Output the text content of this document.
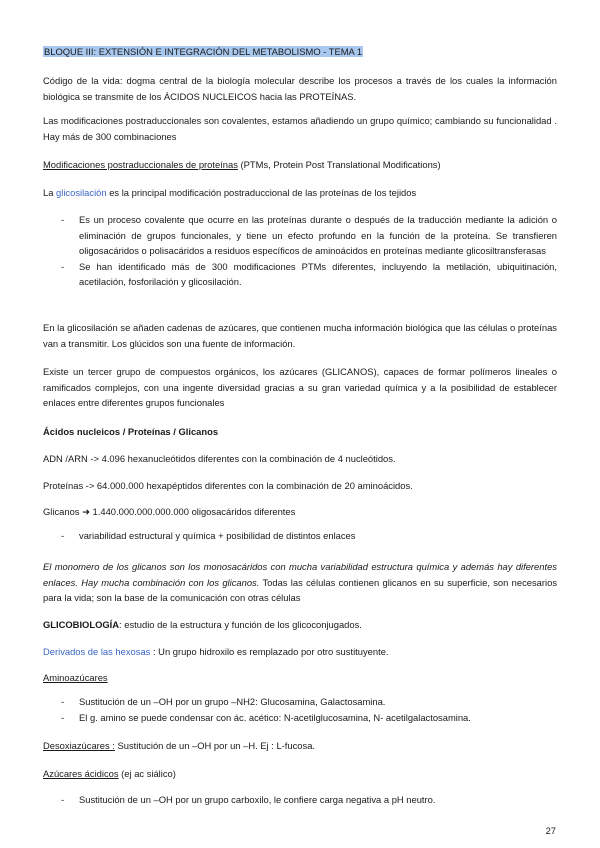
BLOQUE III: EXTENSIÓN E INTEGRACIÓN DEL METABOLISMO - TEMA 1

Código de la vida: dogma central de la biología molecular describe los procesos a través de los cuales la información biológica se transmite de los ÁCIDOS NUCLEICOS hacia las PROTEÍNAS.

Las modificaciones postraduccionales son covalentes, estamos añadiendo un grupo químico; cambiando su funcionalidad . Hay más de 300 combinaciones

Modificaciones postraduccionales de proteínas (PTMs, Protein Post Translational Modifications)

La glicosilación es la principal modificación postraduccional de las proteínas de los tejidos

- Es un proceso covalente que ocurre en las proteínas durante o después de la traducción mediante la adición o eliminación de grupos funcionales, y tiene un efecto profundo en la función de la proteína. Se transfieren oligosacáridos o polisacáridos a residuos específicos de aminoácidos en proteínas mediante glicosiltransferasas
- Se han identificado más de 300 modificaciones PTMs diferentes, incluyendo la metilación, ubiquitinación, acetilación, fosforilación y glicosilación.

En la glicosilación se añaden cadenas de azúcares, que contienen mucha información biológica que las células o proteínas van a transmitir. Los glúcidos son una fuente de información.

Existe un tercer grupo de compuestos orgánicos, los azúcares (GLICANOS), capaces de formar polímeros lineales o ramificados complejos, con una ingente diversidad gracias a su gran variedad química y a la posibilidad de establecer enlaces entre diferentes grupos funcionales

Ácidos nucleicos / Proteínas / Glicanos

ADN /ARN -> 4.096 hexanucleótidos diferentes con la combinación de 4 nucleótidos.

Proteínas -> 64.000.000 hexapéptidos diferentes con la combinación de 20 aminoácidos.

Glicanos ➜ 1.440.000.000.000.000 oligosacáridos diferentes

- variabilidad estructural y química + posibilidad de distintos enlaces

El monomero de los glicanos son los monosacáridos con mucha variabilidad estructura química y además hay diferentes enlaces. Hay mucha combinación con los glicanos. Todas las células contienen glicanos en su superficie, son necesarios para la vida; son la base de la comunicación con otras células

GLICOBIOLOGÍA: estudio de la estructura y función de los glicoconjugados.

Derivados de las hexosas : Un grupo hidroxilo es remplazado por otro sustituyente.

Aminoazúcares

- Sustitución de un –OH por un grupo –NH2: Glucosamina, Galactosamina.
- El g. amino se puede condensar con ác. acético: N-acetilglucosamina, N- acetilgalactosamina.

Desoxiazúcares : Sustitución de un –OH por un –H. Ej : L-fucosa.

Azúcares ácidicos (ej ac siálico)

- Sustitución de un –OH por un grupo carboxilo, le confiere carga negativa a pH neutro.
27
